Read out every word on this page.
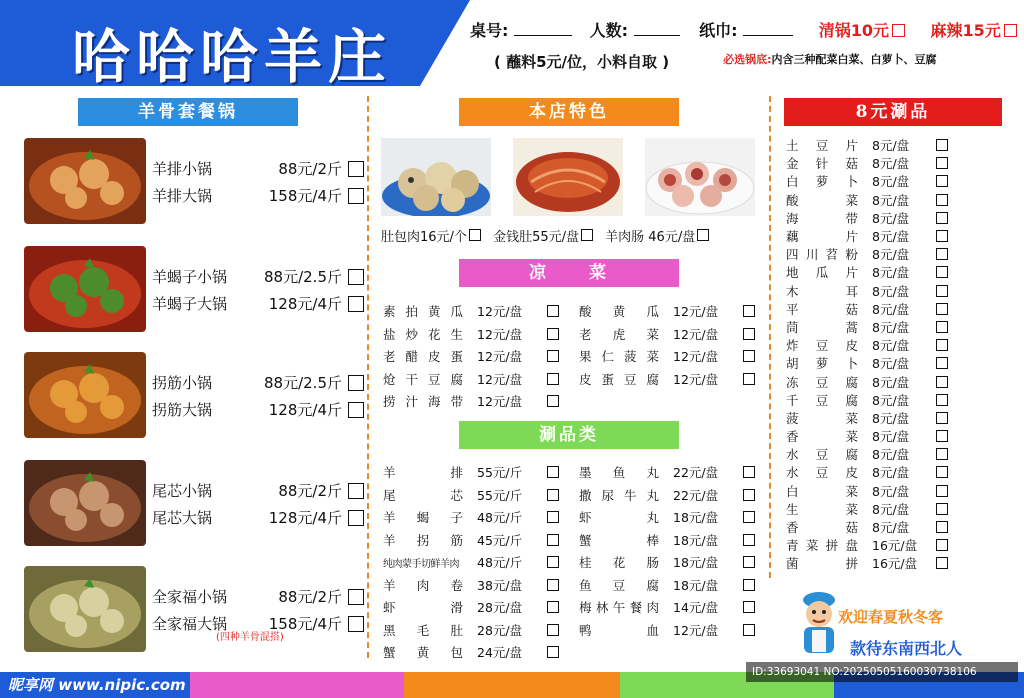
哈哈哈羊庄	桌号:	人数:	纸巾:	清锅10元	麻辣15元
( 蘸料5元/位，小料自取 )	必选锅底: 内含三种配菜白菜、白萝卜、豆腐
羊骨套餐锅
羊排小锅	88元/2斤
羊排大锅	158元/4斤
羊蝎子小锅	88元/2.5斤
羊蝎子大锅	128元/4斤
拐筋小锅	88元/2.5斤
拐筋大锅	128元/4斤
尾芯小锅	88元/2斤
尾芯大锅	128元/4斤
全家福小锅	88元/2斤
全家福大锅	158元/4斤
(四种羊骨混搭)
本店特色
肚包肉16元/个 金钱肚55元/盘 羊肉肠 46元/盘
凉　　菜
素拍黄瓜 12元/盘
盐炒花生 12元/盘
老醋皮蛋 12元/盘
炝干豆腐 12元/盘
捞汁海带 12元/盘
酸黄瓜 12元/盘
老虎菜 12元/盘
果仁菠菜 12元/盘
皮蛋豆腐 12元/盘
涮品类
羊排 55元/斤
尾芯 55元/斤
羊蝎子 48元/斤
羊拐筋 45元/斤
纯肉蒙手切鲜羊肉	48元/斤
羊肉卷 38元/盘
虾滑 28元/盘
黑毛肚 28元/盘
蟹黄包 24元/盘
墨鱼丸 22元/盘
撒尿牛丸 22元/盘
虾丸 18元/盘
蟹棒 18元/盘
桂花肠 18元/盘
鱼豆腐 18元/盘
梅林午餐肉 14元/盘
鸭血 12元/盘
8元涮品
土豆片 8元/盘
金针菇 8元/盘
白萝卜 8元/盘
酸菜 8元/盘
海带 8元/盘
藕片 8元/盘
四川苕粉 8元/盘
地瓜片 8元/盘
木耳 8元/盘
平菇 8元/盘
茼蒿 8元/盘
炸豆皮 8元/盘
胡萝卜 8元/盘
冻豆腐 8元/盘
千豆腐 8元/盘
菠菜 8元/盘
香菜 8元/盘
水豆腐 8元/盘
水豆皮 8元/盘
白菜 8元/盘
生菜 8元/盘
香菇 8元/盘
青菜拼盘 16元/盘
菌拼 16元/盘
欢迎春夏秋冬客
款待东南西北人
昵享网 www.nipic.com
ID:33693041 NO:20250505160030738106
